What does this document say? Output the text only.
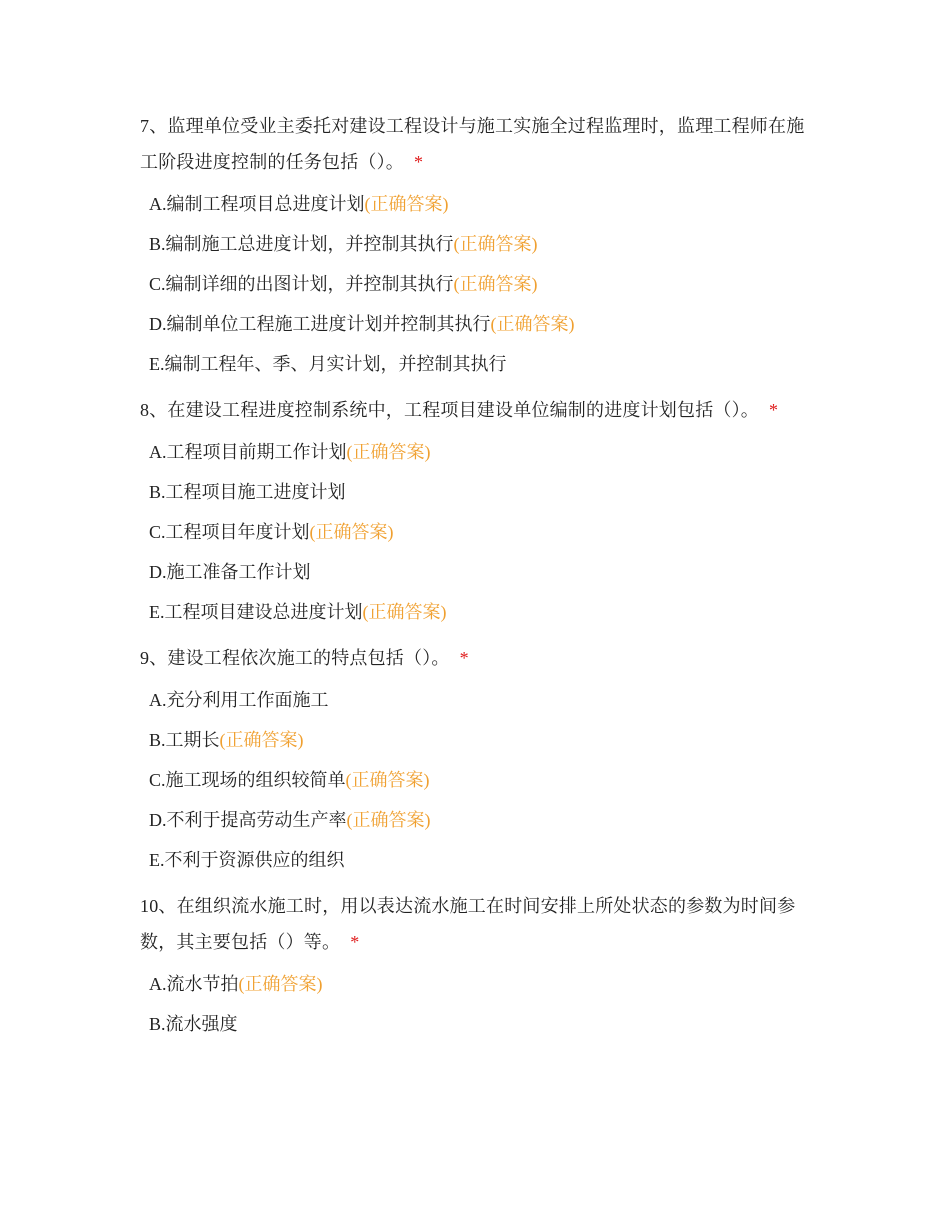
7、监理单位受业主委托对建设工程设计与施工实施全过程监理时，监理工程师在施工阶段进度控制的任务包括（）。 *

A.编制工程项目总进度计划(正确答案)
B.编制施工总进度计划，并控制其执行(正确答案)
C.编制详细的出图计划，并控制其执行(正确答案)
D.编制单位工程施工进度计划并控制其执行(正确答案)
E.编制工程年、季、月实计划，并控制其执行

8、在建设工程进度控制系统中，工程项目建设单位编制的进度计划包括（）。 *

A.工程项目前期工作计划(正确答案)
B.工程项目施工进度计划
C.工程项目年度计划(正确答案)
D.施工准备工作计划
E.工程项目建设总进度计划(正确答案)

9、建设工程依次施工的特点包括（）。 *

A.充分利用工作面施工
B.工期长(正确答案)
C.施工现场的组织较简单(正确答案)
D.不利于提高劳动生产率(正确答案)
E.不利于资源供应的组织

10、在组织流水施工时，用以表达流水施工在时间安排上所处状态的参数为时间参数，其主要包括（）等。 *

A.流水节拍(正确答案)
B.流水强度
